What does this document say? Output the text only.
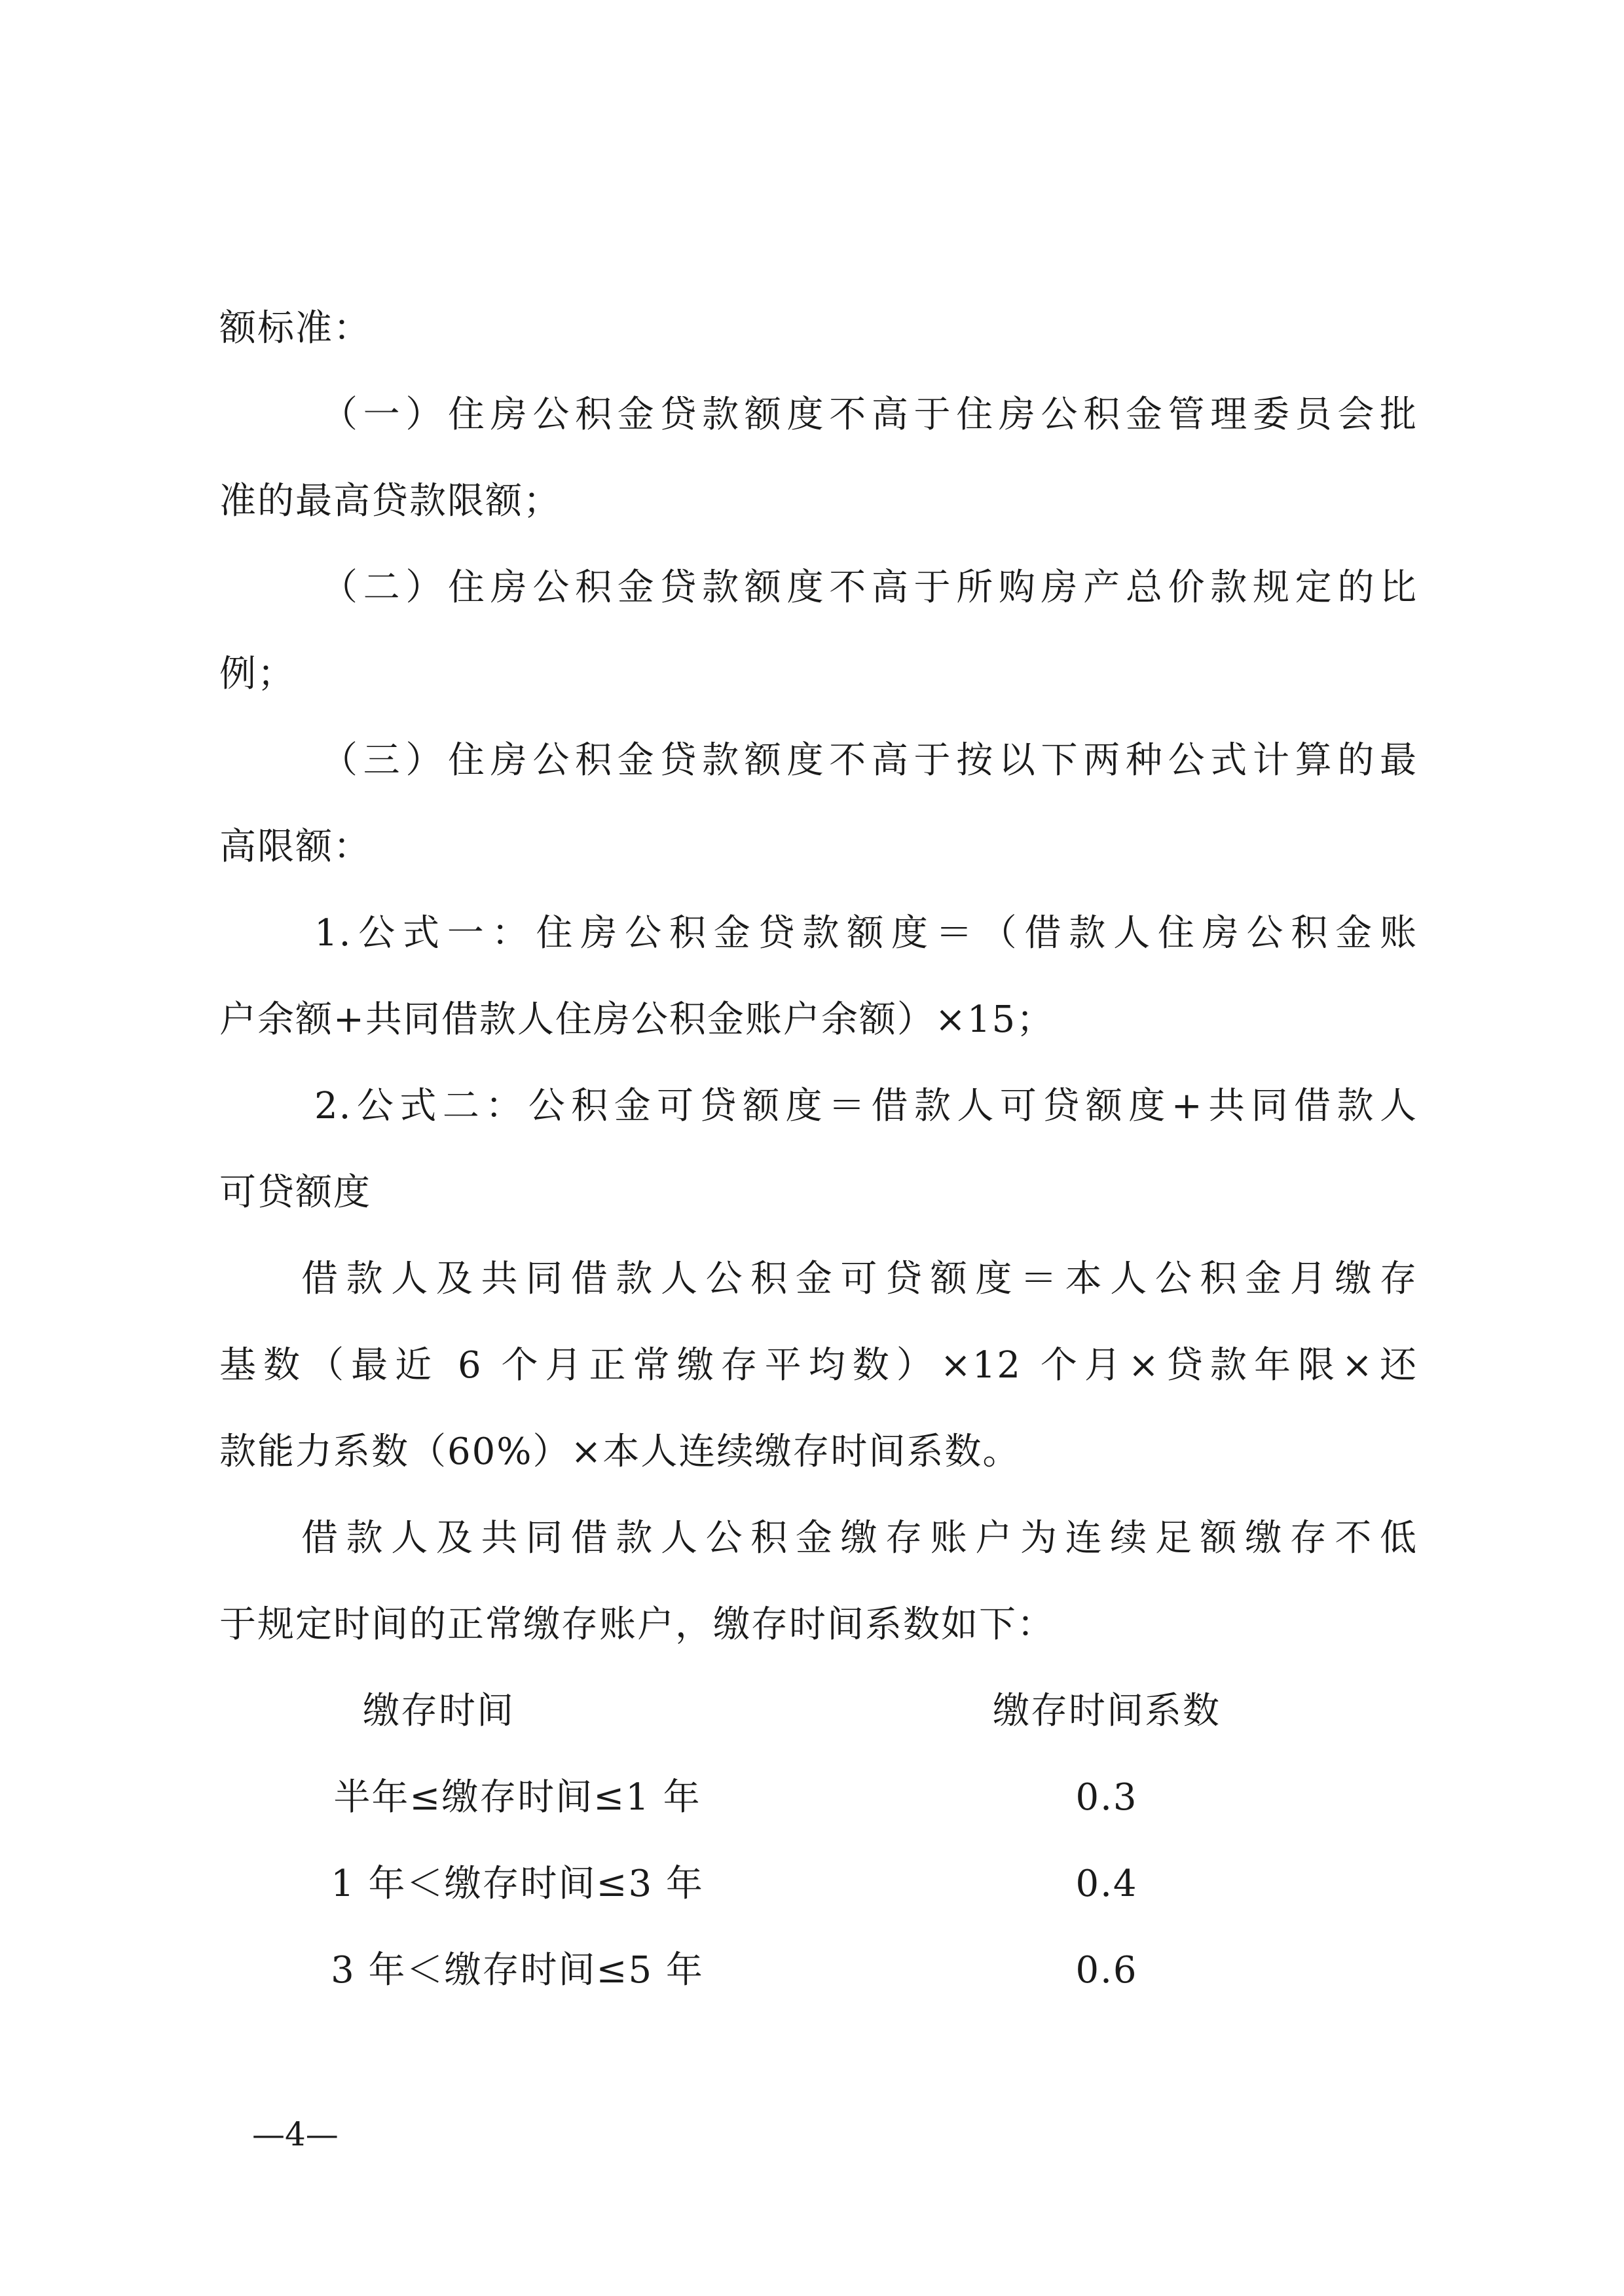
额标准：
（一）住房公积金贷款额度不高于住房公积金管理委员会批
准的最高贷款限额；
（二）住房公积金贷款额度不高于所购房产总价款规定的比
例；
（三）住房公积金贷款额度不高于按以下两种公式计算的最
高限额：
1.公式一：住房公积金贷款额度＝（借款人住房公积金账
户余额+共同借款人住房公积金账户余额）×15；
2.公式二：公积金可贷额度＝借款人可贷额度+共同借款人
可贷额度
借款人及共同借款人公积金可贷额度＝本人公积金月缴存
基数（最近 6 个月正常缴存平均数）×12 个月×贷款年限×还
款能力系数（60%）×本人连续缴存时间系数。
借款人及共同借款人公积金缴存账户为连续足额缴存不低
于规定时间的正常缴存账户，缴存时间系数如下：
缴存时间	缴存时间系数
半年≤缴存时间≤1 年	0.3
1 年＜缴存时间≤3 年	0.4
3 年＜缴存时间≤5 年	0.6
—4—
